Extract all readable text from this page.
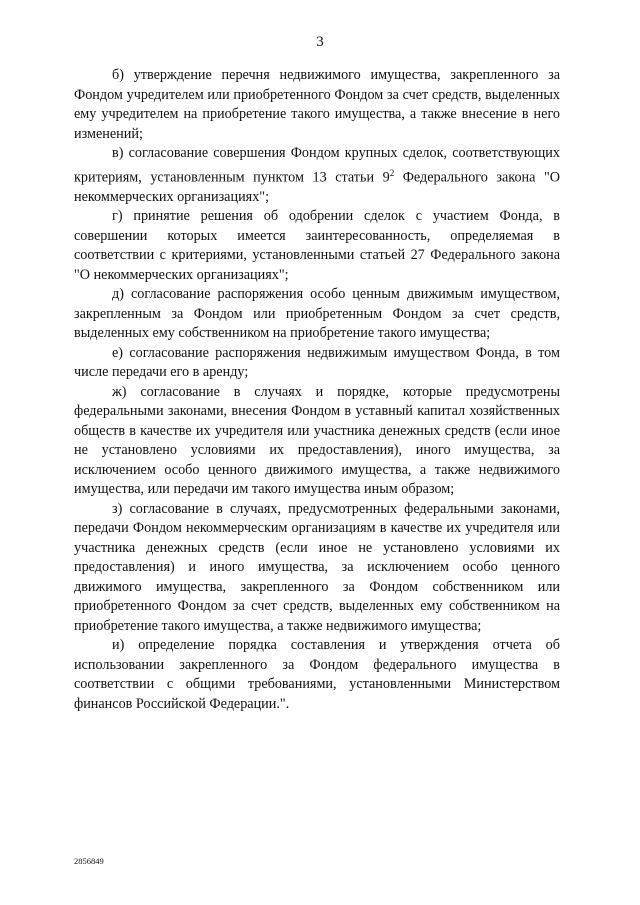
3

б) утверждение перечня недвижимого имущества, закрепленного за Фондом учредителем или приобретенного Фондом за счет средств, выделенных ему учредителем на приобретение такого имущества, а также внесение в него изменений;

в) согласование совершения Фондом крупных сделок, соответствующих критериям, установленным пунктом 13 статьи $9^2$ Федерального закона "О некоммерческих организациях";

г) принятие решения об одобрении сделок с участием Фонда, в совершении которых имеется заинтересованность, определяемая в соответствии с критериями, установленными статьей 27 Федерального закона "О некоммерческих организациях";

д) согласование распоряжения особо ценным движимым имуществом, закрепленным за Фондом или приобретенным Фондом за счет средств, выделенных ему собственником на приобретение такого имущества;

е) согласование распоряжения недвижимым имуществом Фонда, в том числе передачи его в аренду;

ж) согласование в случаях и порядке, которые предусмотрены федеральными законами, внесения Фондом в уставный капитал хозяйственных обществ в качестве их учредителя или участника денежных средств (если иное не установлено условиями их предоставления), иного имущества, за исключением особо ценного движимого имущества, а также недвижимого имущества, или передачи им такого имущества иным образом;

з) согласование в случаях, предусмотренных федеральными законами, передачи Фондом некоммерческим организациям в качестве их учредителя или участника денежных средств (если иное не установлено условиями их предоставления) и иного имущества, за исключением особо ценного движимого имущества, закрепленного за Фондом собственником или приобретенного Фондом за счет средств, выделенных ему собственником на приобретение такого имущества, а также недвижимого имущества;

и) определение порядка составления и утверждения отчета об использовании закрепленного за Фондом федерального имущества в соответствии с общими требованиями, установленными Министерством финансов Российской Федерации.".

2856849
